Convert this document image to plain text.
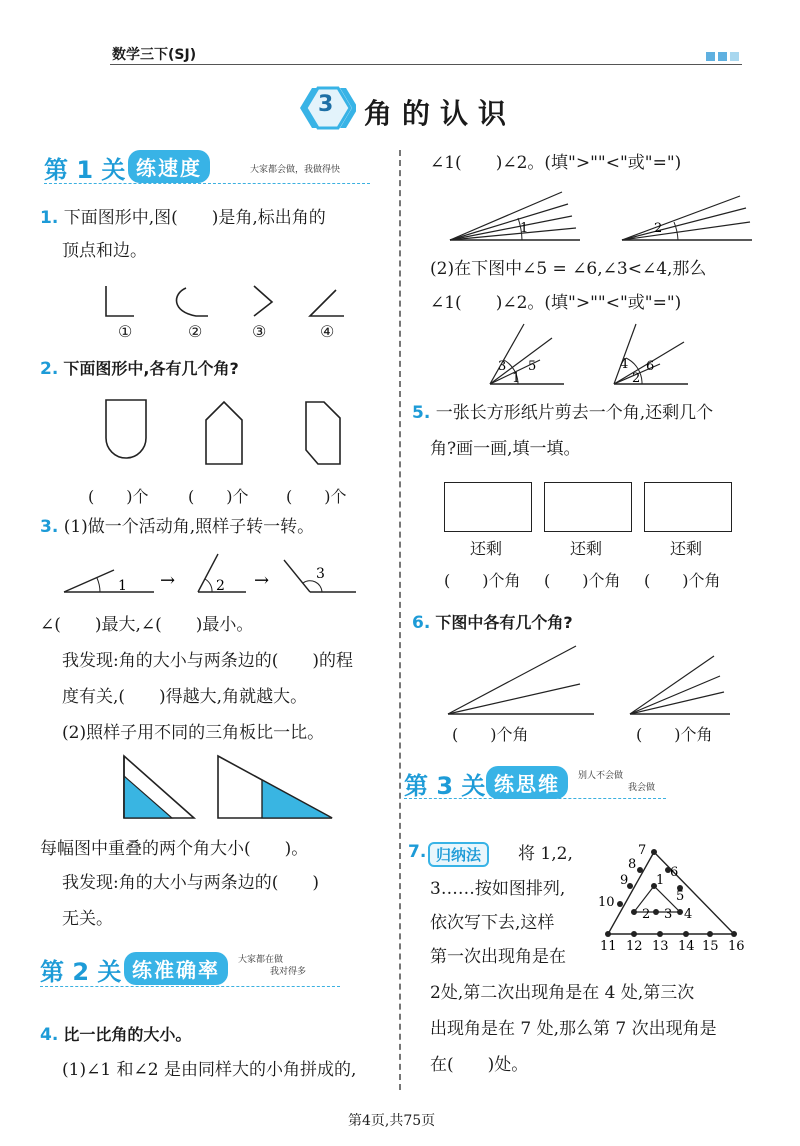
数学三下(SJ)
3 角的认识
第 1 关 练速度	大家都会做，我做得快
1. 下面图形中,图(　　)是角,标出角的
顶点和边。
①	②	③	④
2. 下面图形中,各有几个角?
(　　)个 (　　)个 (　　)个
3. (1)做一个活动角,照样子转一转。
1 →	2 →	3
∠(　　)最大,∠(　　)最小。
我发现:角的大小与两条边的(　　)的程
度有关,(　　)得越大,角就越大。
(2)照样子用不同的三角板比一比。
每幅图中重叠的两个角大小(　　)。
我发现:角的大小与两条边的(　　)
无关。
第 2 关 练准确率	大家都在做
我对得多
4. 比一比角的大小。
(1)∠1 和∠2 是由同样大的小角拼成的,
∠1(　　)∠2。(填">""<"或"=")
1	2
(2)在下图中∠5 = ∠6,∠3<∠4,那么
∠1(　　)∠2。(填">""<"或"=")
3
1
5	4
2
6
5. 一张长方形纸片剪去一个角,还剩几个
角?画一画,填一填。
还剩	还剩	还剩
(　　)个角 (　　)个角 (　　)个角
6. 下图中各有几个角?
(　　)个角	(　　)个角
第 3 关 练思维	别人不会做
我会做
7. 归纳法	将 1,2,
3……按如图排列,
依次写下去,这样
第一次出现角是在
1
2 3 4
5
6
7
8
9
10
11 12 13 14 15 16
2处,第二次出现角是在 4 处,第三次
出现角是在 7 处,那么第 7 次出现角是
在(　　)处。
第4页,共75页
